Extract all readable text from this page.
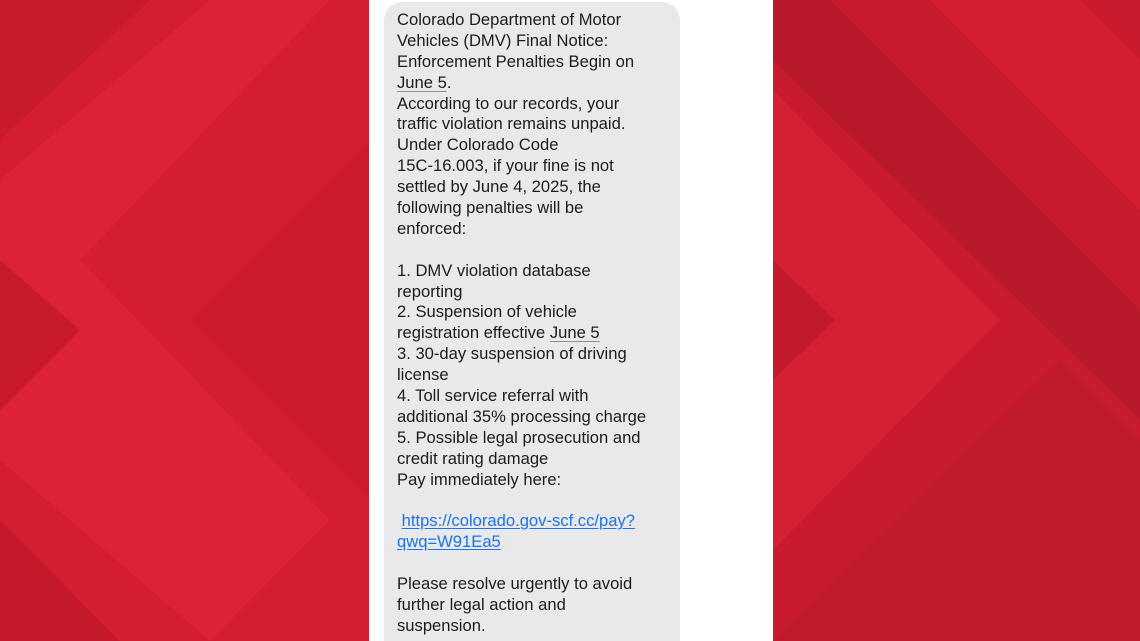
Colorado Department of Motor
Vehicles (DMV) Final Notice:
Enforcement Penalties Begin on
June 5.
According to our records, your
traffic violation remains unpaid.
Under Colorado Code
15C-16.003, if your fine is not
settled by June 4, 2025, the
following penalties will be
enforced:
1. DMV violation database
reporting
2. Suspension of vehicle
registration effective June 5
3. 30-day suspension of driving
license
4. Toll service referral with
additional 35% processing charge
5. Possible legal prosecution and
credit rating damage
Pay immediately here:
https://colorado.gov-scf.cc/pay?
qwq=W91Ea5
Please resolve urgently to avoid
further legal action and
suspension.
